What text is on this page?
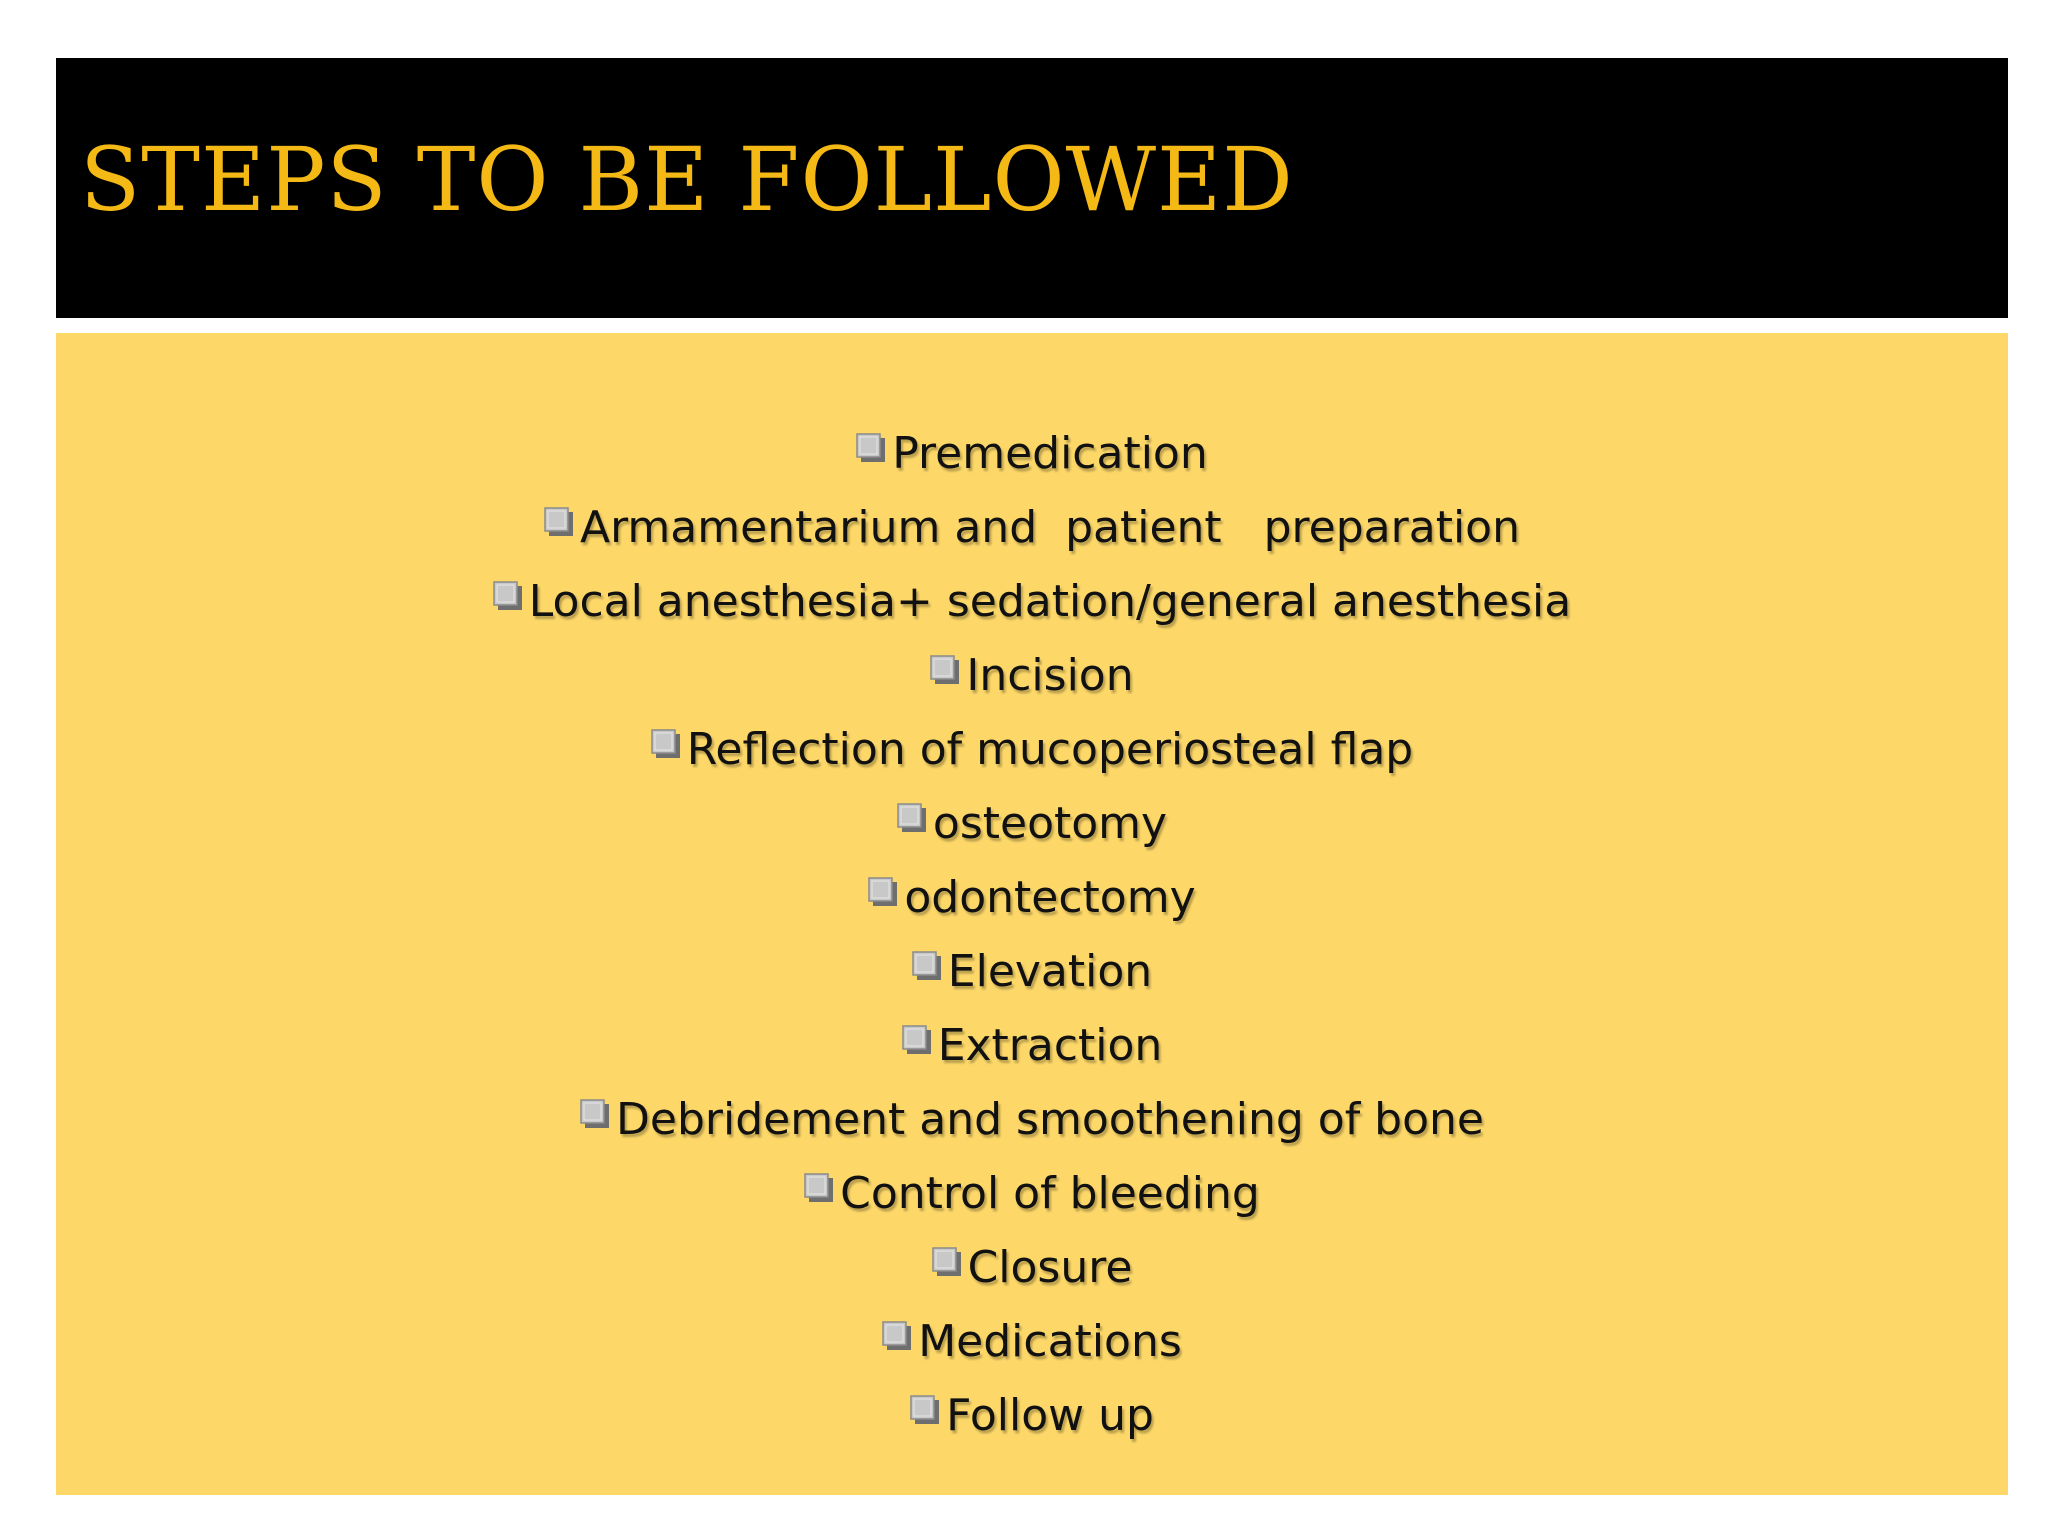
STEPS TO BE FOLLOWED
Premedication
Armamentarium and  patient   preparation
Local anesthesia+ sedation/general anesthesia
Incision
Reflection of mucoperiosteal flap
osteotomy
odontectomy
Elevation
Extraction
Debridement and smoothening of bone
Control of bleeding
Closure
Medications
Follow up
